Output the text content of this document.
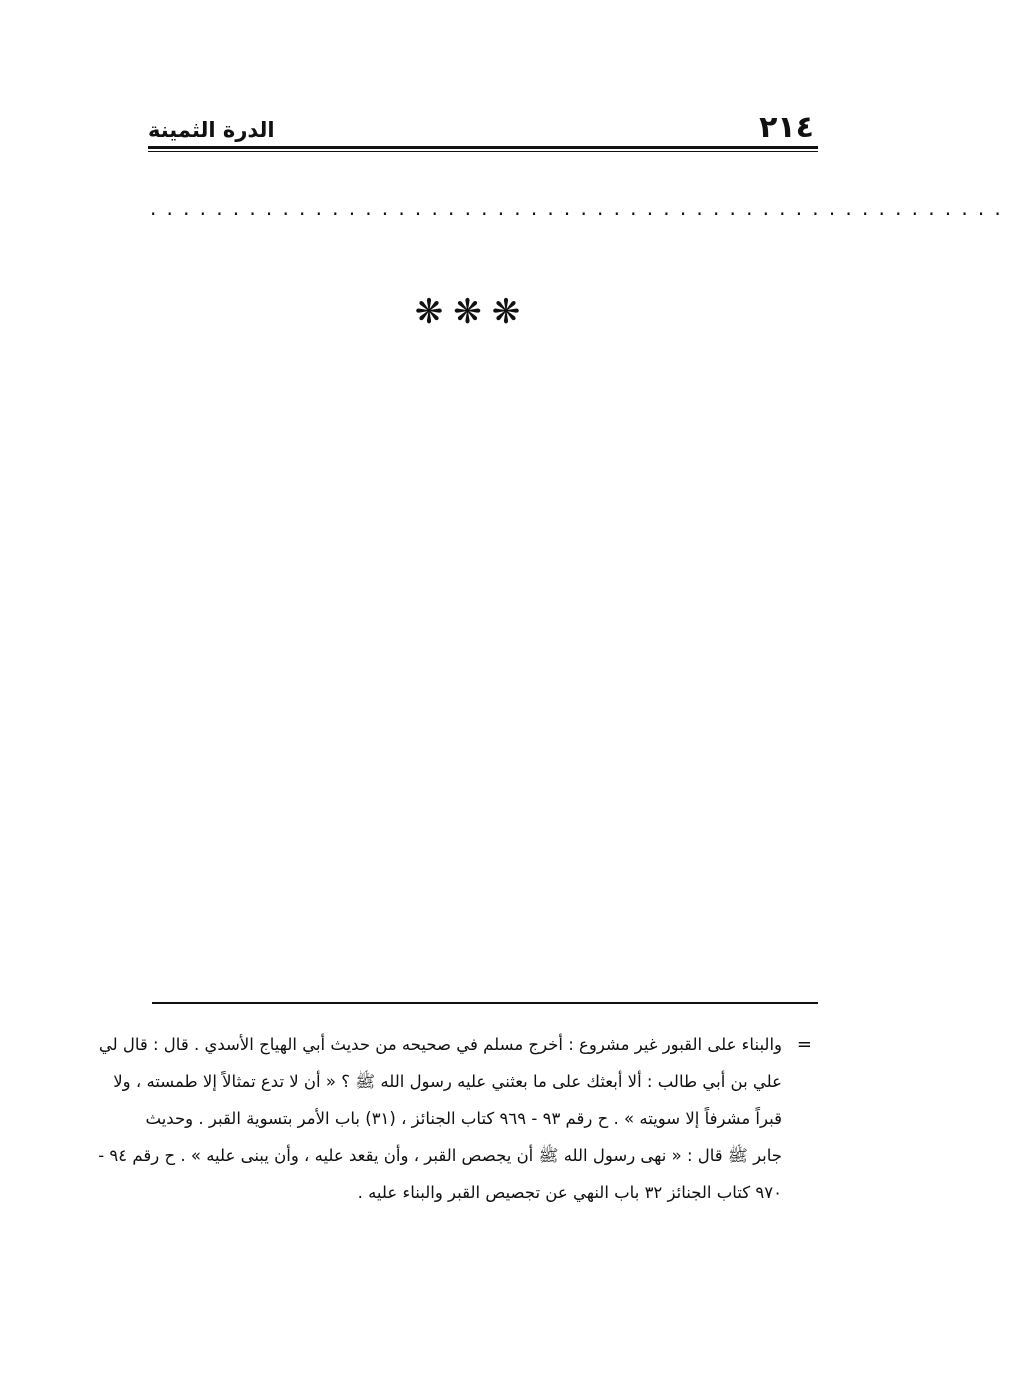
٢١٤
الدرة الثمينة
....................................................
❋❋❋
=
والبناء على القبور غير مشروع : أخرج مسلم في صحيحه من حديث أبي الهياج الأسدي . قال : قال لي
علي بن أبي طالب : ألا أبعثك على ما بعثني عليه رسول الله ﷺ ؟ « أن لا تدع تمثالاً إلا طمسته ، ولا
قبراً مشرفاً إلا سويته » . ح رقم ٩٣ - ٩٦٩ كتاب الجنائز ، (٣١) باب الأمر بتسوية القبر . وحديث
جابر ﷺ قال : « نهى رسول الله ﷺ أن يجصص القبر ، وأن يقعد عليه ، وأن يبنى عليه » . ح رقم ٩٤ -
٩٧٠ كتاب الجنائز ٣٢ باب النهي عن تجصيص القبر والبناء عليه .
